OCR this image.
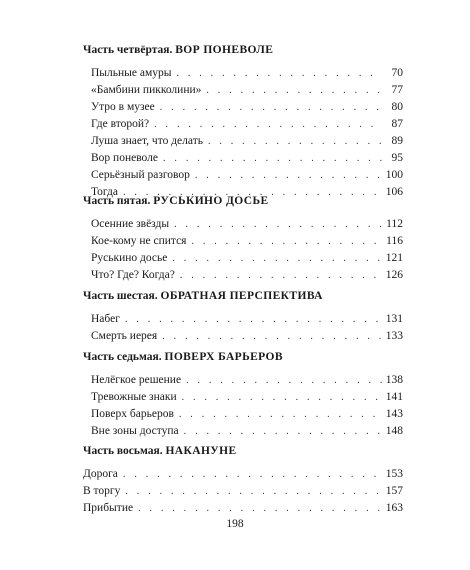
Часть четвёртая. ВОР ПОНЕВОЛЕ
Пыльные амуры . . .	70
«Бамбини пикколини» . . .	77
Утро в музее . . .	80
Где второй? . . .	87
Луша знает, что делать . . .	89
Вор поневоле . . .	95
Серьёзный разговор . . .	100
Тогда . . .	106
Часть пятая. РУСЬКИНО ДОСЬЕ
Осенние звёзды . . .	112
Кое-кому не спится . . .	116
Руськино досье . . .	121
Что? Где? Когда? . . .	126
Часть шестая. ОБРАТНАЯ ПЕРСПЕКТИВА
Набег . . .	131
Смерть иерея . . .	133
Часть седьмая. ПОВЕРХ БАРЬЕРОВ
Нелёгкое решение . . .	138
Тревожные знаки . . .	141
Поверх барьеров . . .	143
Вне зоны доступа . . .	148
Часть восьмая. НАКАНУНЕ
Дорога . . .	153
В торгу . . .	157
Прибытие . . .	163
198
